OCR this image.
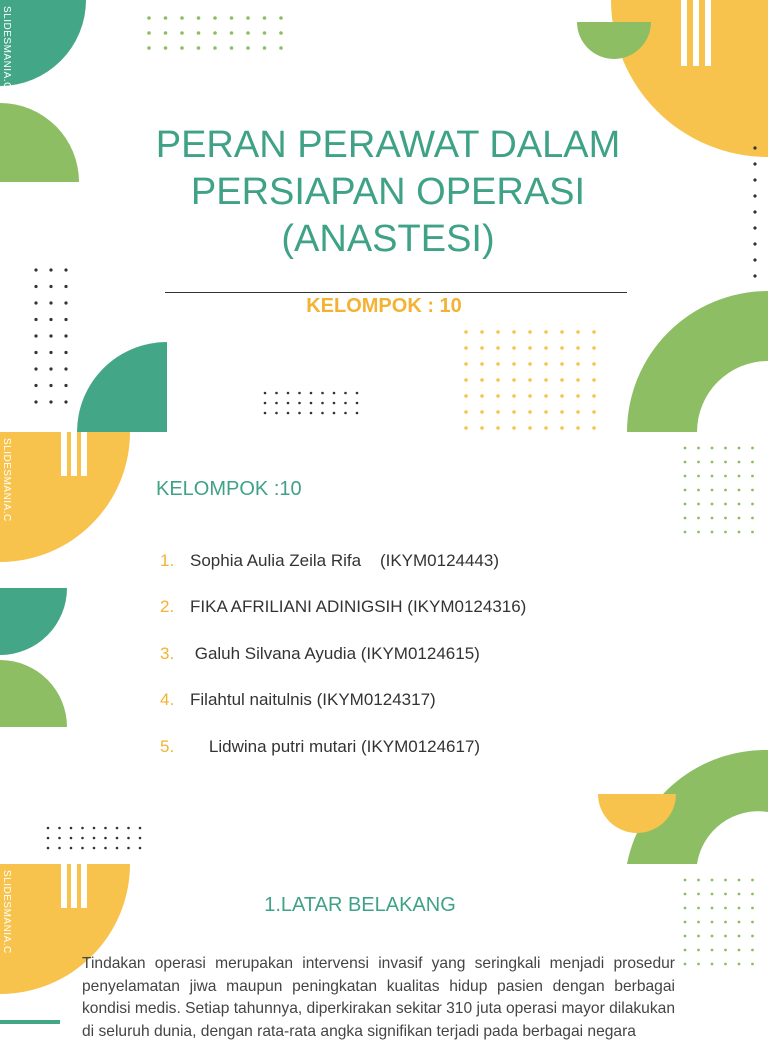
SLIDESMANIA.C
PERAN PERAWAT DALAM PERSIAPAN OPERASI (ANASTESI)
KELOMPOK : 10
SLIDESMANIA.C	KELOMPOK :10
1. Sophia Aulia Zeila Rifa    (IKYM0124443)
2. FIKA AFRILIANI ADINIGSIH (IKYM0124316)
3. Galuh Silvana Ayudia (IKYM0124615)
4. Filahtul naitulnis (IKYM0124317)
5.    Lidwina putri mutari (IKYM0124617)
SLIDESMANIA.C	1.LATAR BELAKANG
Tindakan operasi merupakan intervensi invasif yang seringkali menjadi prosedur penyelamatan jiwa maupun peningkatan kualitas hidup pasien dengan berbagai kondisi medis. Setiap tahunnya, diperkirakan sekitar 310 juta operasi mayor dilakukan di seluruh dunia, dengan rata-rata angka signifikan terjadi pada berbagai negara
